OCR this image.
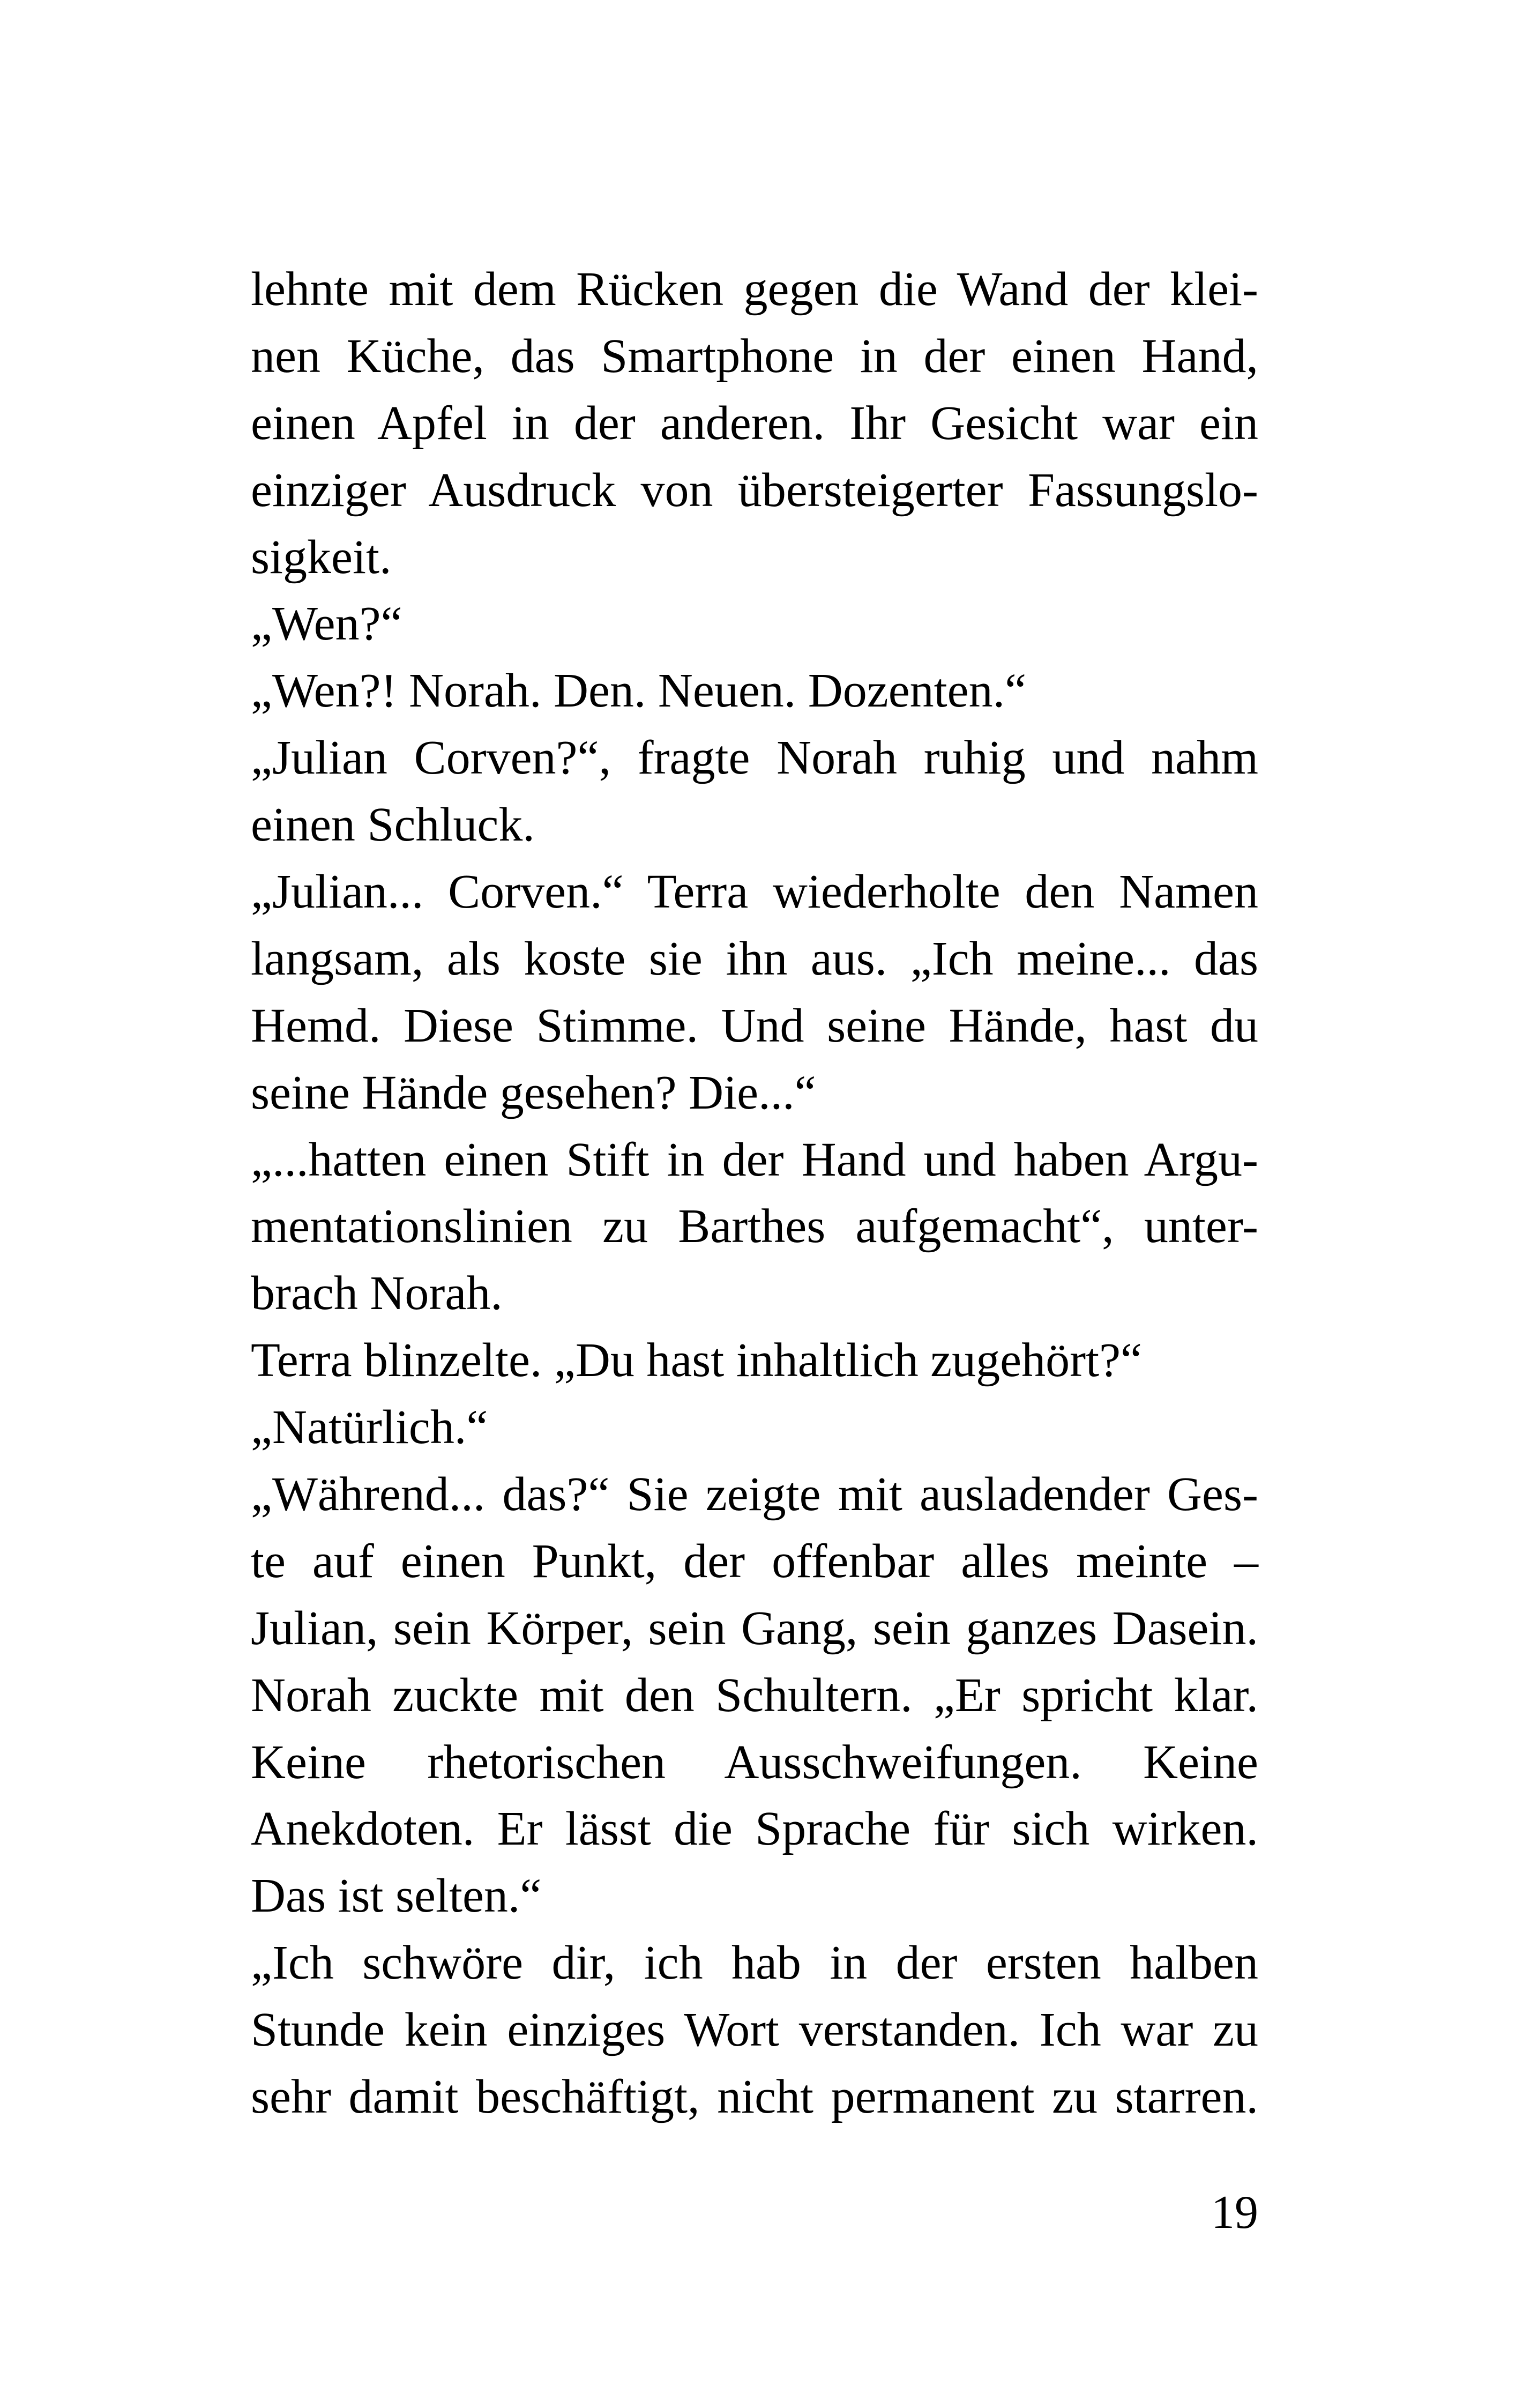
lehnte mit dem Rücken gegen die Wand der klei-
nen Küche, das Smartphone in der einen Hand,
einen Apfel in der anderen. Ihr Gesicht war ein
einziger Ausdruck von übersteigerter Fassungslo-
sigkeit.
„Wen?“
„Wen?! Norah. Den. Neuen. Dozenten.“
„Julian Corven?“, fragte Norah ruhig und nahm
einen Schluck.
„Julian... Corven.“ Terra wiederholte den Namen
langsam, als koste sie ihn aus. „Ich meine... das
Hemd. Diese Stimme. Und seine Hände, hast du
seine Hände gesehen? Die...“
„...hatten einen Stift in der Hand und haben Argu-
mentationslinien zu Barthes aufgemacht“, unter-
brach Norah.
Terra blinzelte. „Du hast inhaltlich zugehört?“
„Natürlich.“
„Während... das?“ Sie zeigte mit ausladender Ges-
te auf einen Punkt, der offenbar alles meinte –
Julian, sein Körper, sein Gang, sein ganzes Dasein.
Norah zuckte mit den Schultern. „Er spricht klar.
Keine rhetorischen Ausschweifungen. Keine
Anekdoten. Er lässt die Sprache für sich wirken.
Das ist selten.“
„Ich schwöre dir, ich hab in der ersten halben
Stunde kein einziges Wort verstanden. Ich war zu
sehr damit beschäftigt, nicht permanent zu starren.
19
